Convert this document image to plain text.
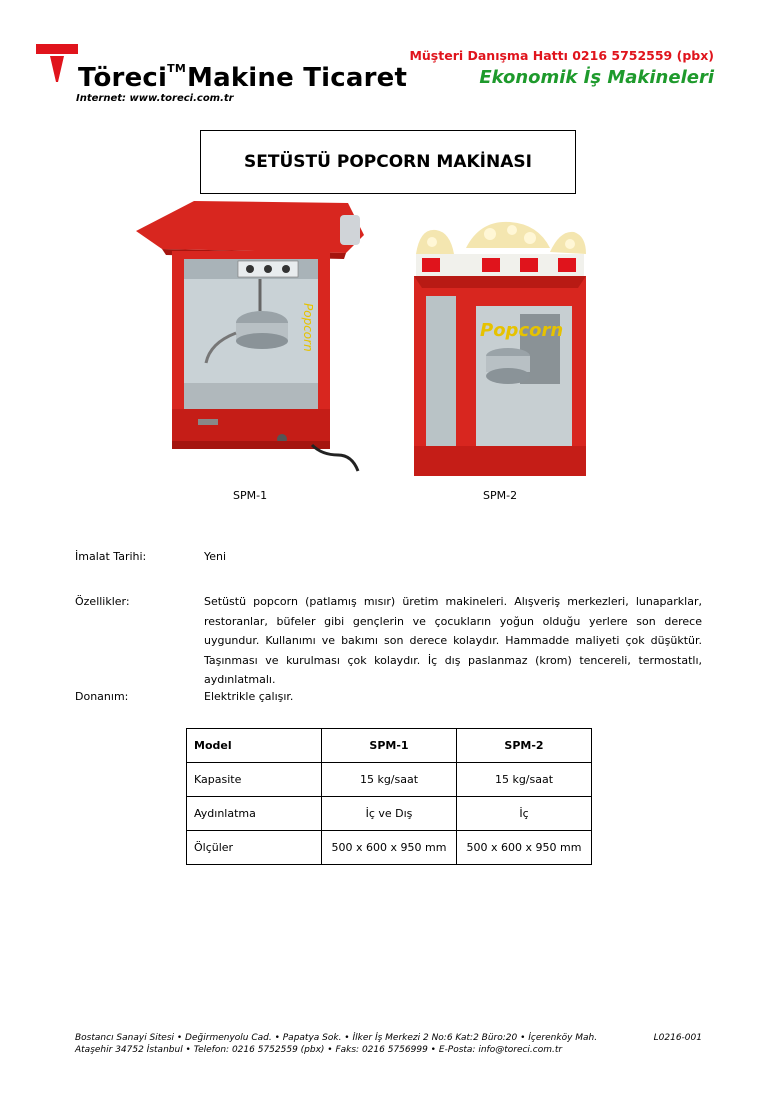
Töreci™Makine Ticaret
Internet: www.toreci.com.tr
Müşteri Danışma Hattı 0216 5752559 (pbx)
Ekonomik İş Makineleri
SETÜSTÜ POPCORN MAKİNASI
Popcorn	Popcorn
SPM-1	SPM-2
İmalat Tarihi:	Yeni
Özellikler:	Setüstü popcorn (patlamış mısır) üretim makineleri. Alışveriş merkezleri, lunaparklar, restoranlar, büfeler gibi gençlerin ve çocukların yoğun olduğu yerlere son derece uygundur. Kullanımı ve bakımı son derece kolaydır. Hammadde maliyeti çok düşüktür. Taşınması ve kurulması çok kolaydır. İç dış paslanmaz (krom) tencereli, termostatlı, aydınlatmalı.
Donanım:	Elektrikle çalışır.
Model	SPM-1	SPM-2
Kapasite	15 kg/saat	15 kg/saat
Aydınlatma	İç ve Dış	İç
Ölçüler	500 x 600 x 950 mm	500 x 600 x 950 mm
Bostancı Sanayi Sitesi • Değirmenyolu Cad. • Papatya Sok. • İlker İş Merkezi 2 No:6 Kat:2 Büro:20 • İçerenköy Mah.
Ataşehir 34752 İstanbul • Telefon: 0216 5752559 (pbx) • Faks: 0216 5756999 • E-Posta: info@toreci.com.tr
L0216-001
